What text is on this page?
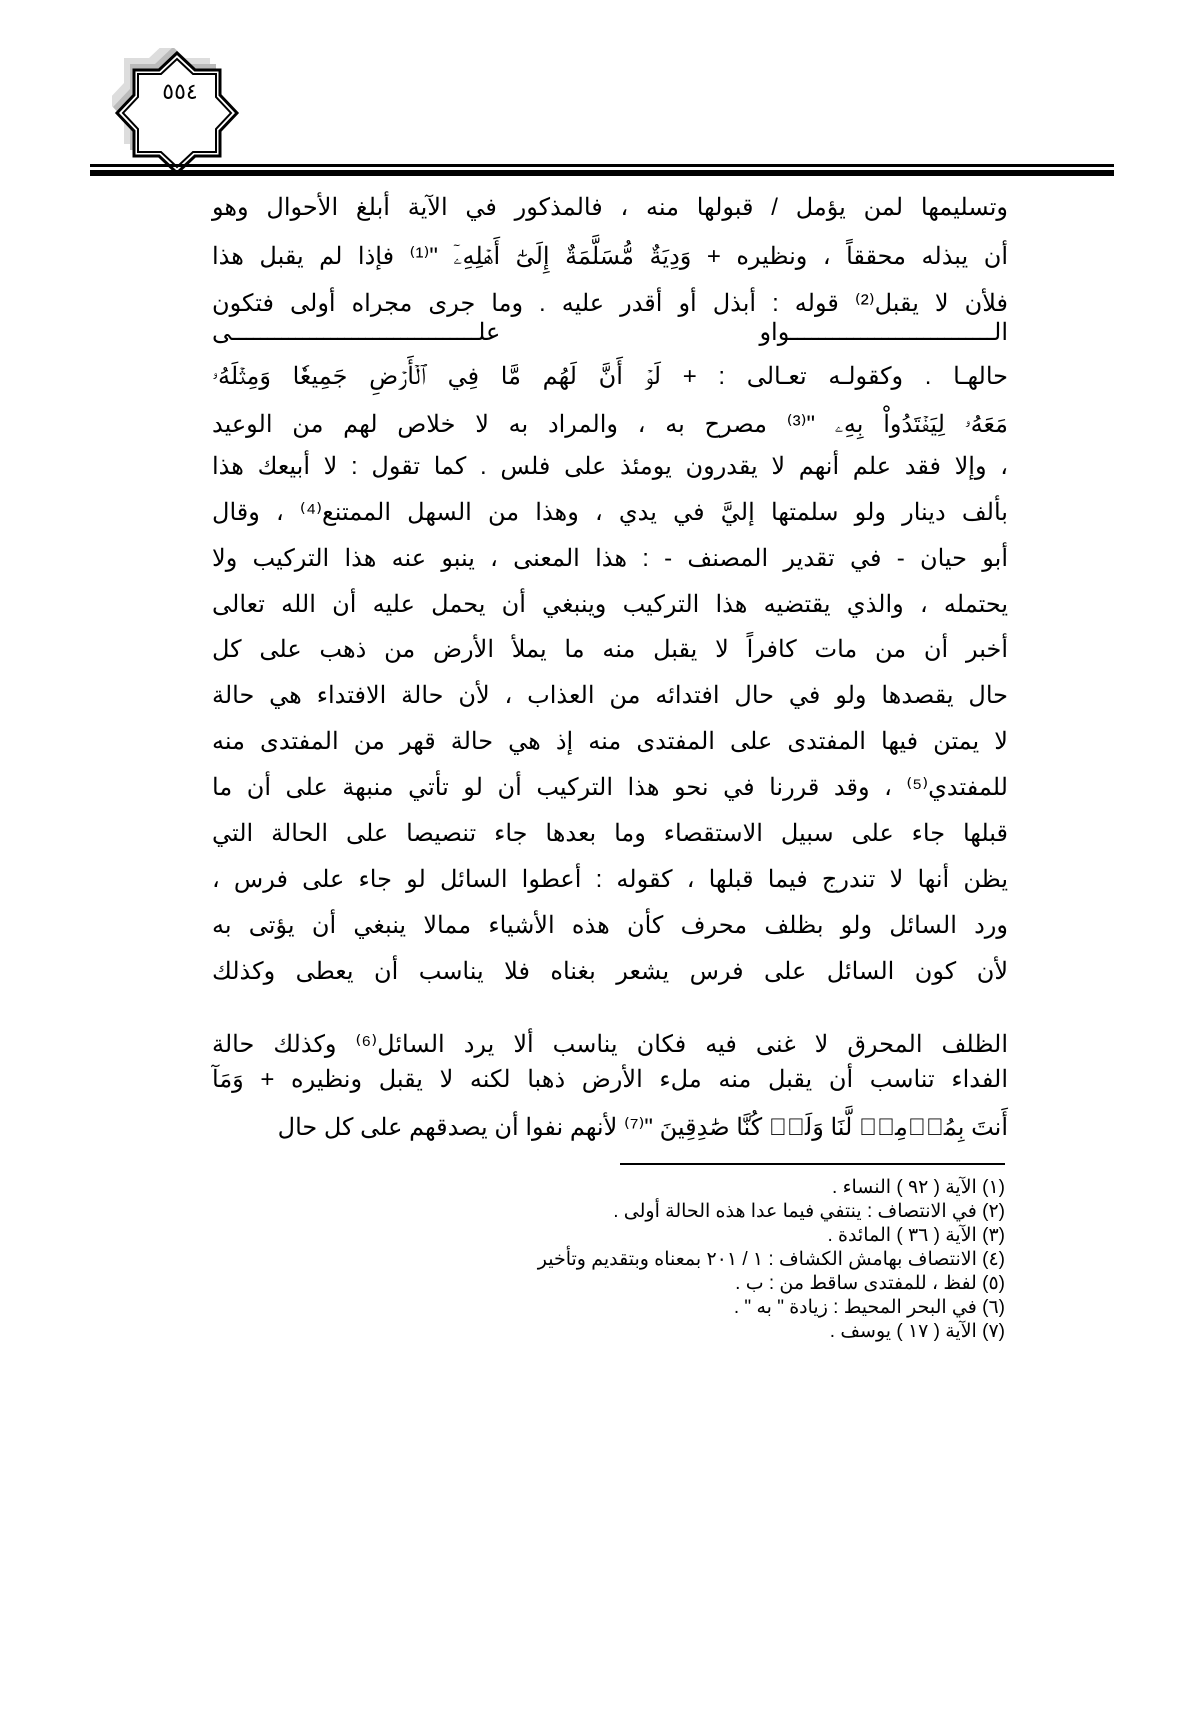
٥٥٤
وتسليمها لمن يؤمل / قبولها منه ، فالمذكور في الآية أبلغ الأحوال وهو
أن يبذله محققاً ، ونظيره + وَدِيَةٌ مُّسَلَّمَةٌ إِلَىٰٓ أَهۡلِهِۦٓ "⁽¹⁾ فإذا لم يقبل هذا
فلأن لا يقبل⁽²⁾ قوله : أبذل أو أقدر عليه . وما جرى مجراه أولى فتكون
الـــــــــــــــــــــــــــــواو علـــــــــــــــــــــــــــــــــــى
حالهـا . وكقولـه تعـالى : + لَوۡ أَنَّ لَهُم مَّا فِي ٱلۡأَرۡضِ جَمِيعٗا وَمِثۡلَهُۥ
مَعَهُۥ لِيَفۡتَدُواْ بِهِۦ "⁽³⁾ مصرح به ، والمراد به لا خلاص لهم من الوعيد
، وإلا فقد علم أنهم لا يقدرون يومئذ على فلس . كما تقول : لا أبيعك هذا
بألف دينار ولو سلمتها إليَّ في يدي ، وهذا من السهل الممتنع⁽⁴⁾ ، وقال
أبو حيان - في تقدير المصنف - : هذا المعنى ، ينبو عنه هذا التركيب ولا
يحتمله ، والذي يقتضيه هذا التركيب وينبغي أن يحمل عليه أن الله تعالى
أخبر أن من مات كافراً لا يقبل منه ما يملأ الأرض من ذهب على كل
حال يقصدها ولو في حال افتدائه من العذاب ، لأن حالة الافتداء هي حالة
لا يمتن فيها المفتدى على المفتدى منه إذ هي حالة قهر من المفتدى منه
للمفتدي⁽⁵⁾ ، وقد قررنا في نحو هذا التركيب أن لو تأتي منبهة على أن ما
قبلها جاء على سبيل الاستقصاء وما بعدها جاء تنصيصا على الحالة التي
يظن أنها لا تندرج فيما قبلها ، كقوله : أعطوا السائل لو جاء على فرس ،
ورد السائل ولو بظلف محرف كأن هذه الأشياء ممالا ينبغي أن يؤتى به
لأن كون السائل على فرس يشعر بغناه فلا يناسب أن يعطى وكذلك
الظلف المحرق لا غنى فيه فكان يناسب ألا يرد السائل⁽⁶⁾ وكذلك حالة
الفداء تناسب أن يقبل منه ملء الأرض ذهبا لكنه لا يقبل ونظيره + وَمَآ
أَنتَ بِمُؤۡمِنٖ لَّنَا وَلَوۡ كُنَّا صَٰدِقِينَ "⁽⁷⁾ لأنهم نفوا أن يصدقهم على كل حال
(١) الآية ( ٩٢ ) النساء .
(٢) في الانتصاف : ينتفي فيما عدا هذه الحالة أولى .
(٣) الآية ( ٣٦ ) المائدة .
(٤) الانتصاف بهامش الكشاف : ١ / ٢٠١ بمعناه وبتقديم وتأخير
(٥) لفظ ، للمفتدى ساقط من : ب .
(٦) في البحر المحيط : زيادة " به " .
(٧) الآية ( ١٧ ) يوسف .
